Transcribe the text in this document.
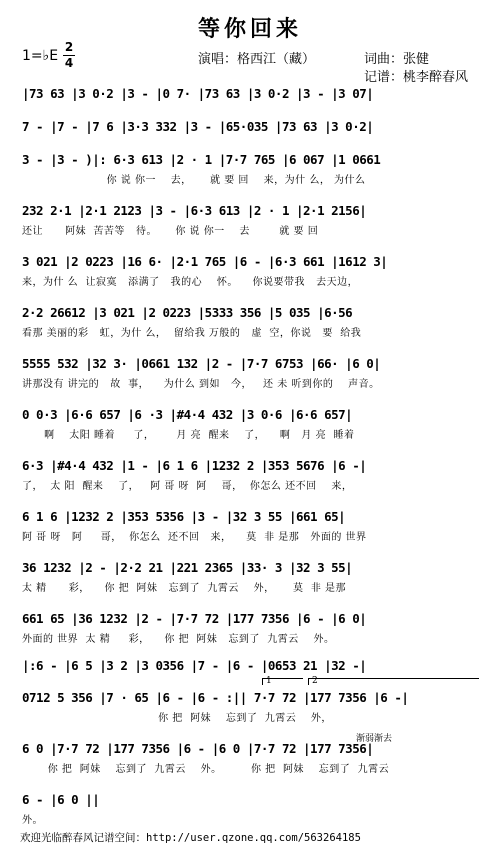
等你回来
1=♭E
2
4	演唱：格西江（藏）	词曲：张健
记谱：桃李醉春风
|73 63 |3 0·2 |3 - |0 7· |73 63 |3 0·2 |3 - |3 07|
7 - |7 - |7 6 |3·3 332 |3 - |65·035 |73 63 |3 0·2|
3 - |3 - )|: 6·3 613 |2 · 1 |7·7 765 |6 067 |1 0661
你 说 你一    去，     就 要 回    来，为什 么， 为什么
232 2·1 |2·1 2123 |3 - |6·3 613 |2 · 1 |2·1 2156|
还让      阿妹  苦苦等   待。     你 说 你一    去        就 要 回
3 021 |2 0223 |16 6· |2·1 765 |6 - |6·3 661 |1612 3|
来，为什 么  让寂寞   添满了   我的心    怀。    你说要带我   去天边，
2·2 26612 |3 021 |2 0223 |5333 356 |5 035 |6·56
看那 美丽的彩   虹，为什 么，  留给我 万般的   虚  空，你说   要  给我
5555 532 |32 3· |0661 132 |2 - |7·7 6753 |66· |6 0|
讲那没有 讲完的   故  事，    为什么 到如   今，   还 未 听到你的    声音。
0 0·3 |6·6 657 |6 ·3 |#4·4 432 |3 0·6 |6·6 657|
啊    太阳 睡着     了，      月 亮  醒来    了，    啊   月 亮  睡着
6·3 |#4·4 432 |1 - |6 1 6 |1232 2 |353 5676 |6 -|
了，  太 阳  醒来    了，   阿 哥 呀  阿    哥，  你怎么 还不回    来，
6 1 6 |1232 2 |353 5356 |3 - |32 3 55 |661 65|
阿 哥 呀   阿     哥，  你怎么  还不回   来，    莫  非 是那   外面的 世界
36 1232 |2 - |2·2 21 |221 2365 |33· 3 |32 3 55|
太 精      彩，    你 把  阿妹   忘到了  九霄云    外，     莫  非 是那
661 65 |36 1232 |2 - |7·7 72 |177 7356 |6 - |6 0|
外面的 世界  太 精     彩，    你 把  阿妹   忘到了  九霄云    外。
|:6 - |6 5 |3 2 |3 0356 |7 - |6 - |0653 21 |32 -|
1	2
0712 5 356 |7 · 65 |6 - |6 - :|| 7·7 72 |177 7356 |6 -|
你 把  阿妹    忘到了  九霄云    外，
渐弱渐去
6 0 |7·7 72 |177 7356 |6 - |6 0 |7·7 72 |177 7356|
你 把  阿妹    忘到了  九霄云    外。        你 把  阿妹    忘到了  九霄云
6 - |6 0 ||
外。
欢迎光临醉春风记谱空间：http://user.qzone.qq.com/563264185
